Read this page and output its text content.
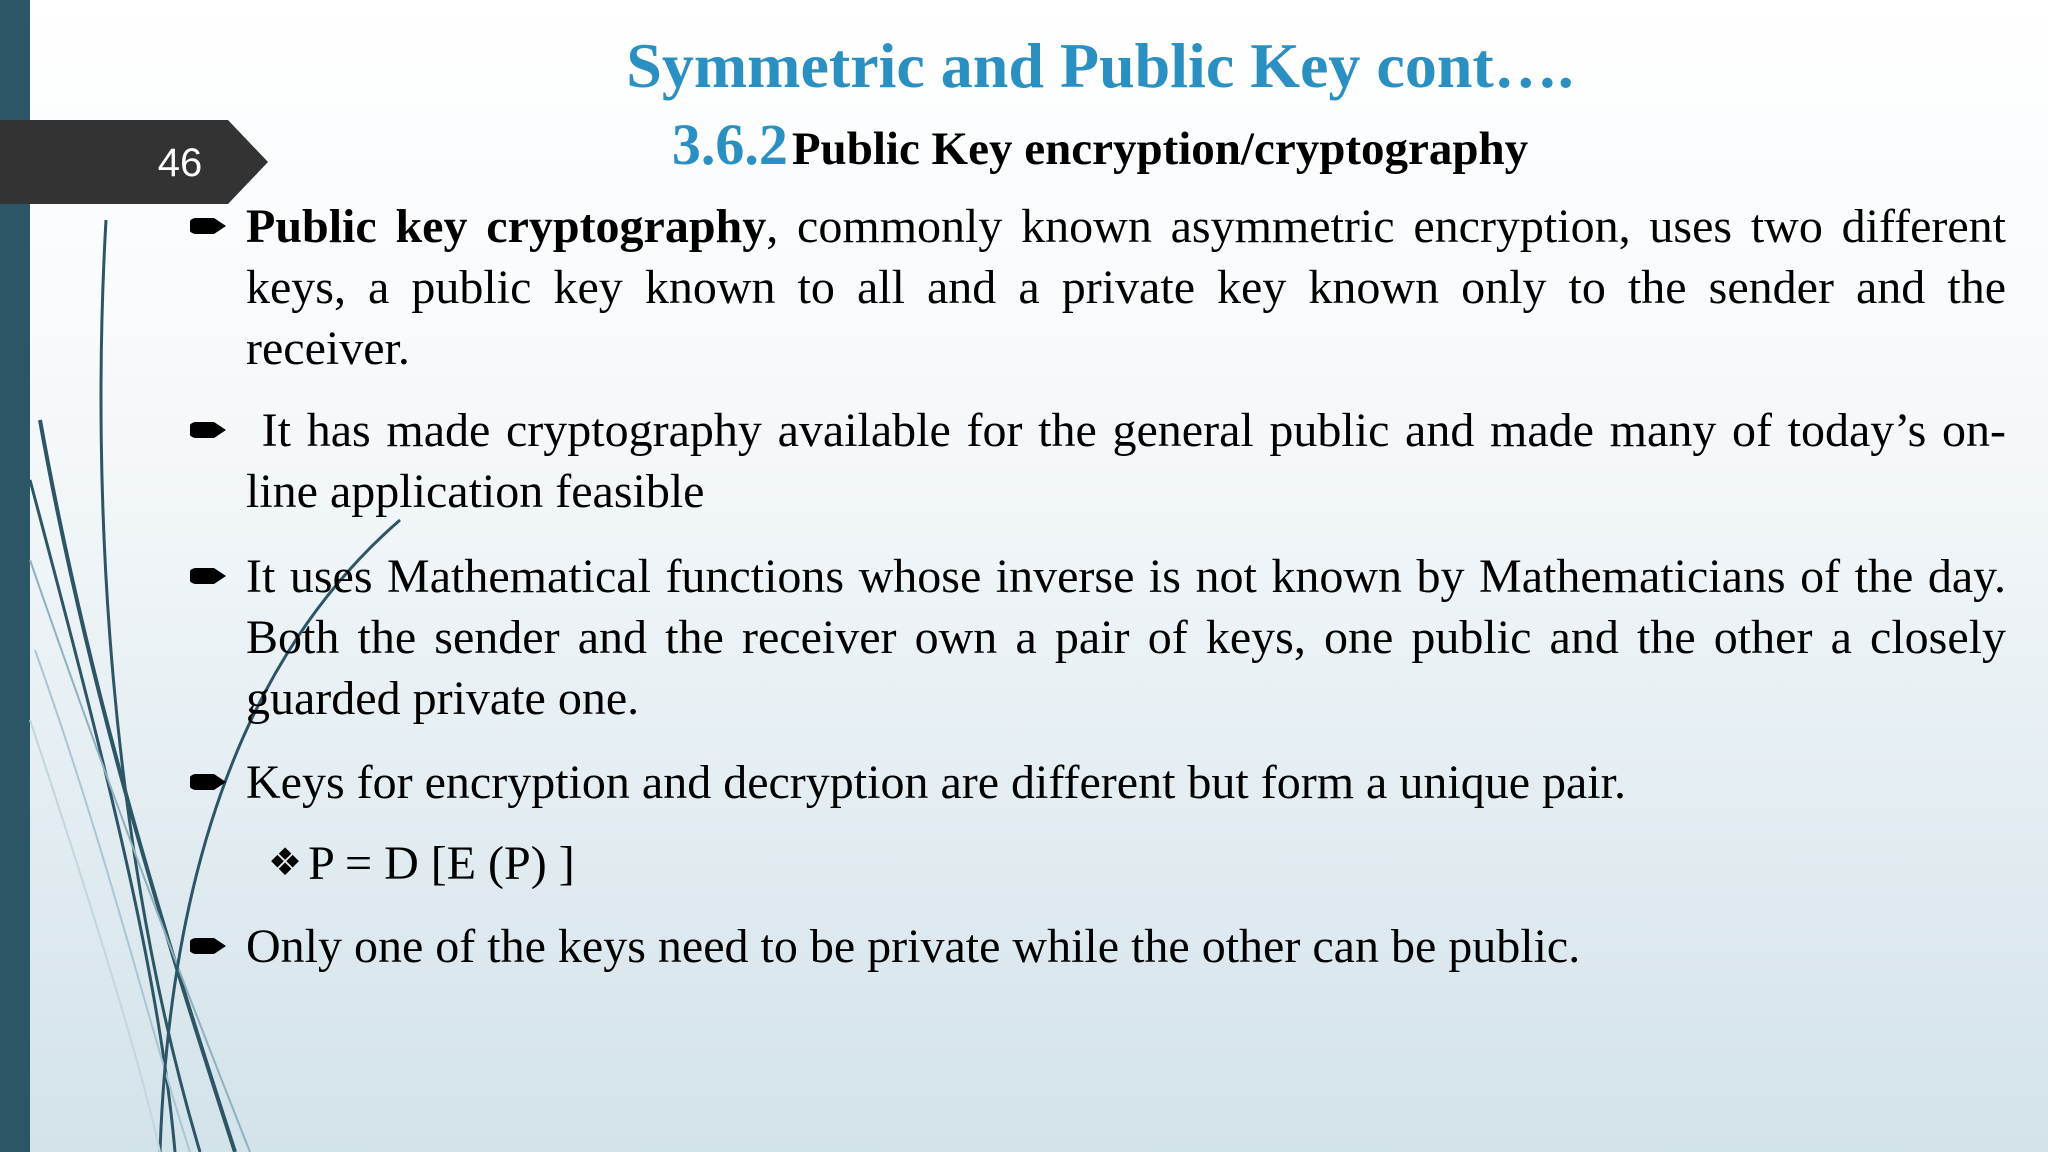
46
Symmetric and Public Key cont….
3.6.2 Public Key encryption/cryptography
Public key cryptography, commonly known asymmetric encryption, uses two different keys, a public key known to all and a private key known only to the sender and the receiver.
It has made cryptography available for the general public and made many of today’s on-line application feasible
It uses Mathematical functions whose inverse is not known by Mathematicians of the day. Both the sender and the receiver own a pair of keys, one public and the other a closely guarded private one.
Keys for encryption and decryption are different but form a unique pair.
❖ P = D [E (P) ]
Only one of the keys need to be private while the other can be public.
